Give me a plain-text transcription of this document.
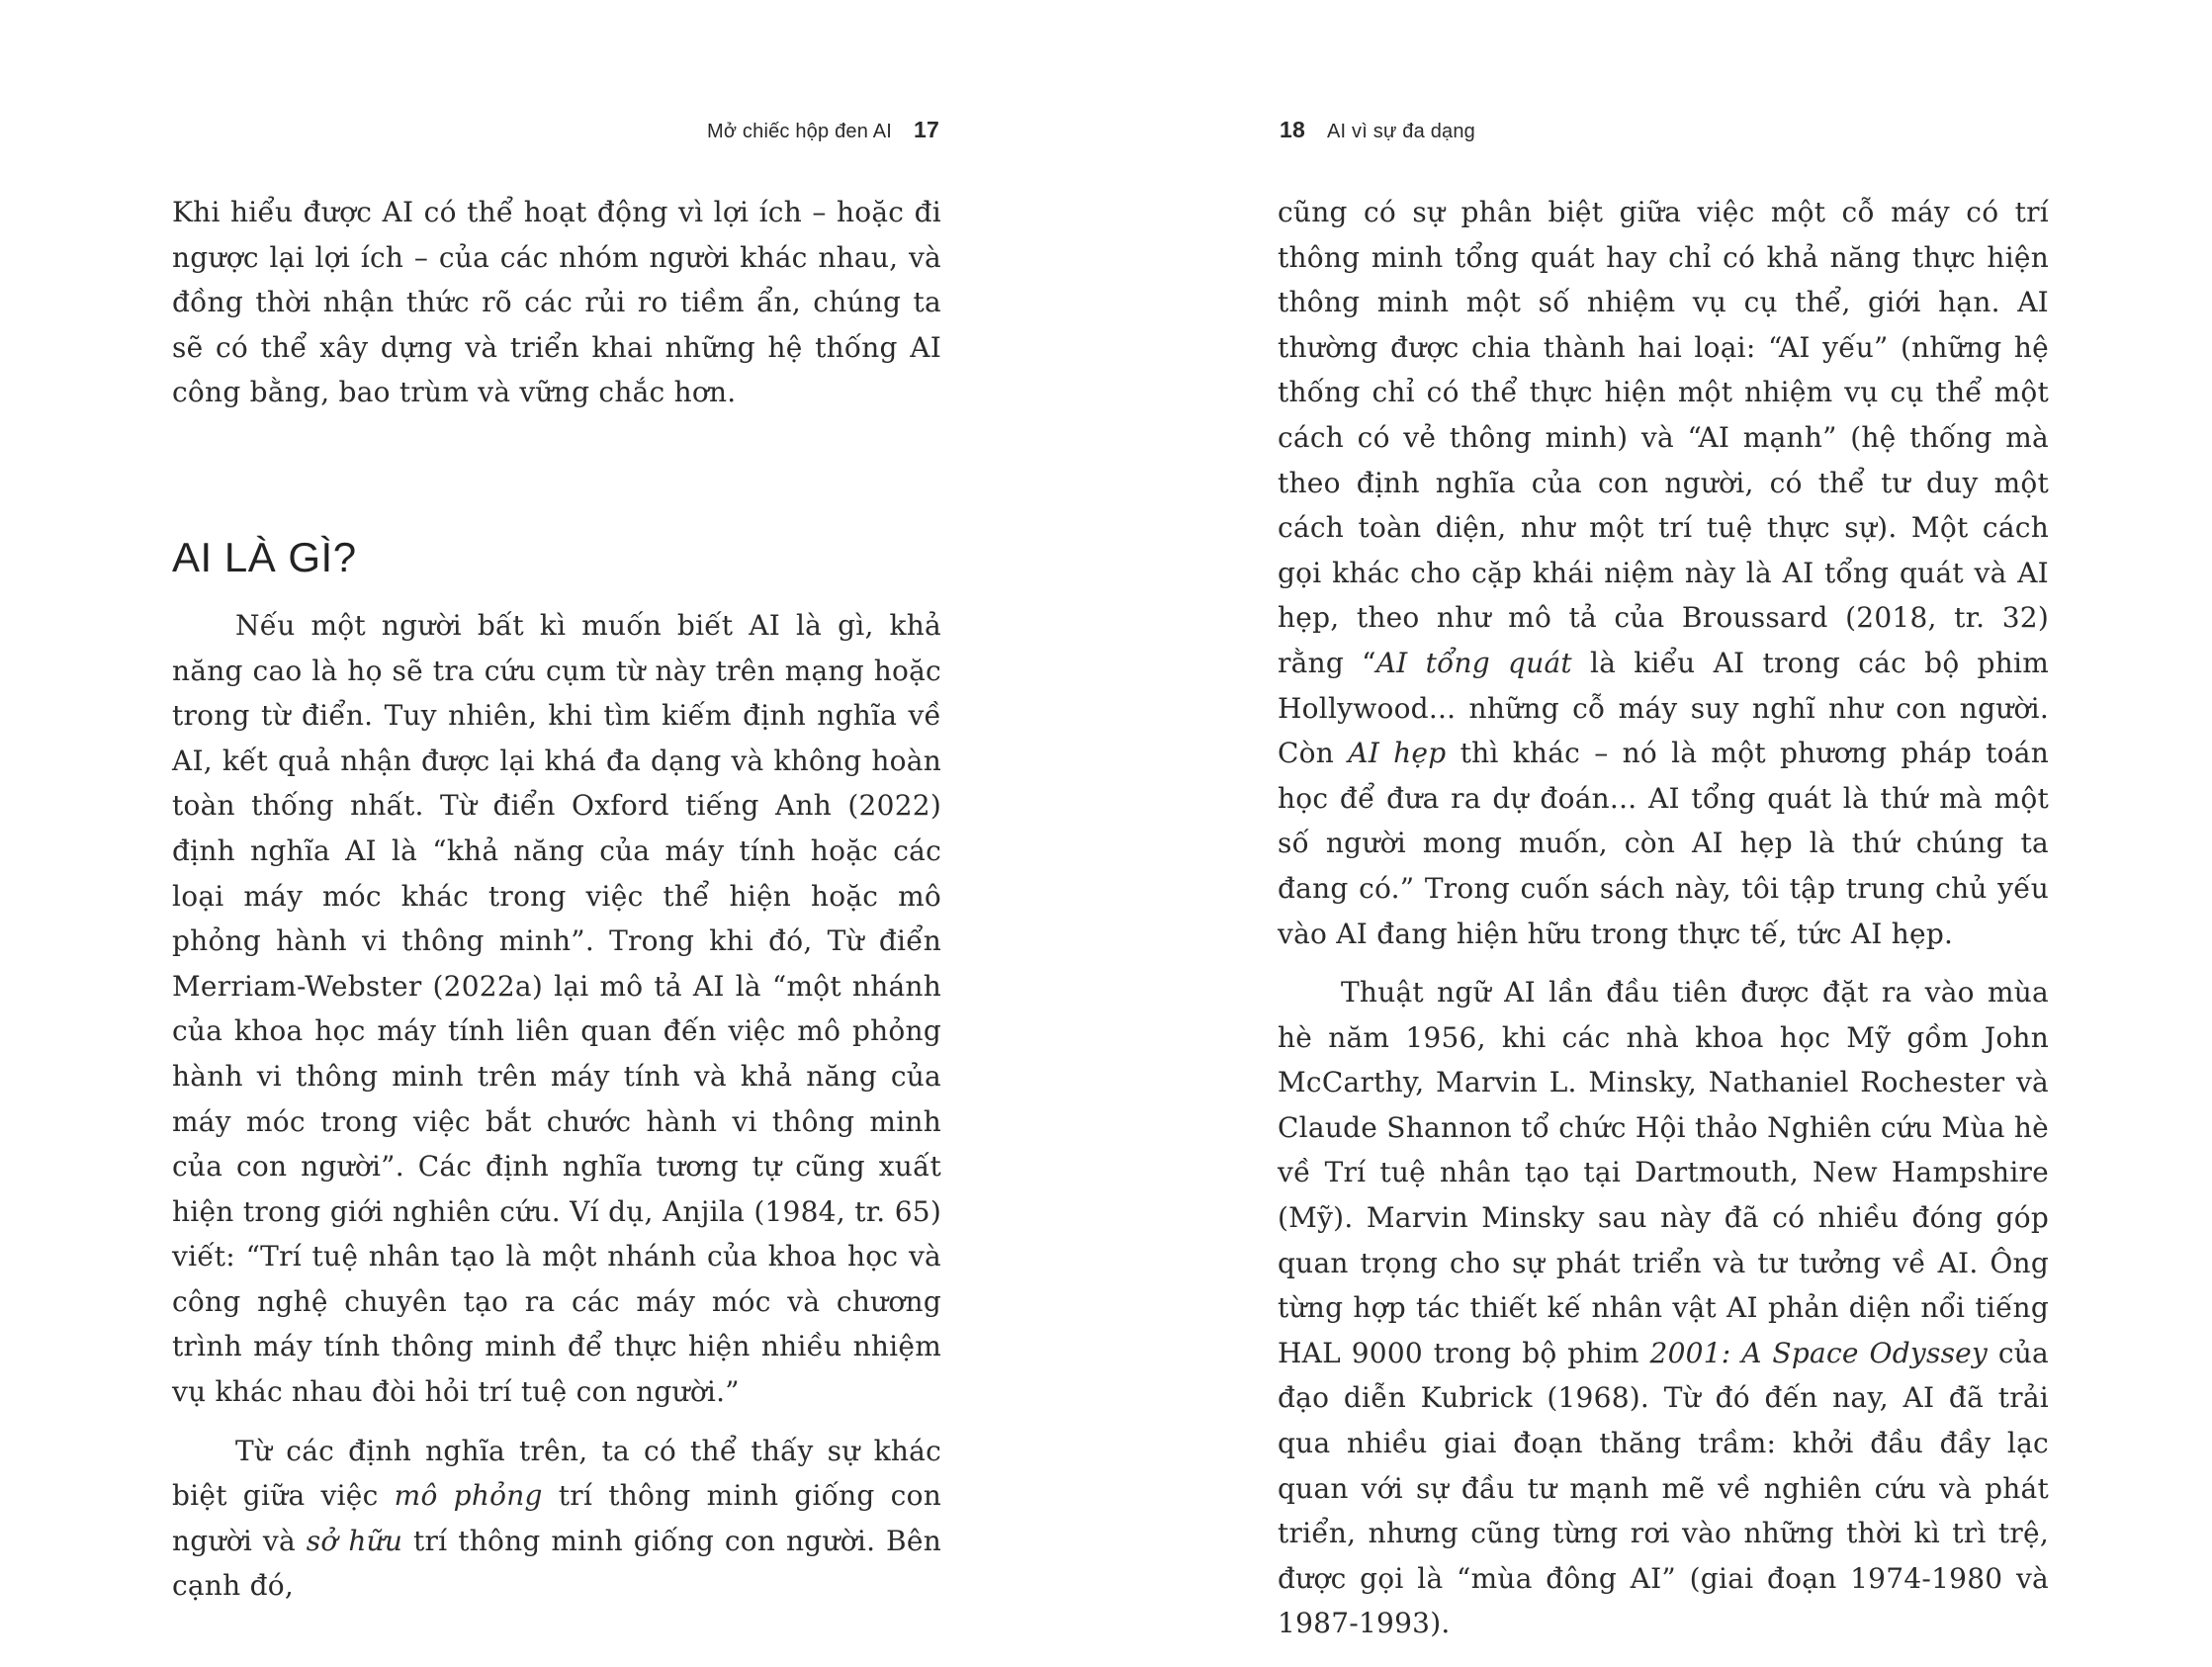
Mở chiếc hộp đen AI 17

Khi hiểu được AI có thể hoạt động vì lợi ích – hoặc đi ngược lại lợi ích – của các nhóm người khác nhau, và đồng thời nhận thức rõ các rủi ro tiềm ẩn, chúng ta sẽ có thể xây dựng và triển khai những hệ thống AI công bằng, bao trùm và vững chắc hơn.

AI LÀ GÌ?

Nếu một người bất kì muốn biết AI là gì, khả năng cao là họ sẽ tra cứu cụm từ này trên mạng hoặc trong từ điển. Tuy nhiên, khi tìm kiếm định nghĩa về AI, kết quả nhận được lại khá đa dạng và không hoàn toàn thống nhất. Từ điển Oxford tiếng Anh (2022) định nghĩa AI là “khả năng của máy tính hoặc các loại máy móc khác trong việc thể hiện hoặc mô phỏng hành vi thông minh”. Trong khi đó, Từ điển Merriam-Webster (2022a) lại mô tả AI là “một nhánh của khoa học máy tính liên quan đến việc mô phỏng hành vi thông minh trên máy tính và khả năng của máy móc trong việc bắt chước hành vi thông minh của con người”. Các định nghĩa tương tự cũng xuất hiện trong giới nghiên cứu. Ví dụ, Anjila (1984, tr. 65) viết: “Trí tuệ nhân tạo là một nhánh của khoa học và công nghệ chuyên tạo ra các máy móc và chương trình máy tính thông minh để thực hiện nhiều nhiệm vụ khác nhau đòi hỏi trí tuệ con người.”

Từ các định nghĩa trên, ta có thể thấy sự khác biệt giữa việc mô phỏng trí thông minh giống con người và sở hữu trí thông minh giống con người. Bên cạnh đó,

18 AI vì sự đa dạng

cũng có sự phân biệt giữa việc một cỗ máy có trí thông minh tổng quát hay chỉ có khả năng thực hiện thông minh một số nhiệm vụ cụ thể, giới hạn. AI thường được chia thành hai loại: “AI yếu” (những hệ thống chỉ có thể thực hiện một nhiệm vụ cụ thể một cách có vẻ thông minh) và “AI mạnh” (hệ thống mà theo định nghĩa của con người, có thể tư duy một cách toàn diện, như một trí tuệ thực sự). Một cách gọi khác cho cặp khái niệm này là AI tổng quát và AI hẹp, theo như mô tả của Broussard (2018, tr. 32) rằng “AI tổng quát là kiểu AI trong các bộ phim Hollywood... những cỗ máy suy nghĩ như con người. Còn AI hẹp thì khác – nó là một phương pháp toán học để đưa ra dự đoán... AI tổng quát là thứ mà một số người mong muốn, còn AI hẹp là thứ chúng ta đang có.” Trong cuốn sách này, tôi tập trung chủ yếu vào AI đang hiện hữu trong thực tế, tức AI hẹp.

Thuật ngữ AI lần đầu tiên được đặt ra vào mùa hè năm 1956, khi các nhà khoa học Mỹ gồm John McCarthy, Marvin L. Minsky, Nathaniel Rochester và Claude Shannon tổ chức Hội thảo Nghiên cứu Mùa hè về Trí tuệ nhân tạo tại Dartmouth, New Hampshire (Mỹ). Marvin Minsky sau này đã có nhiều đóng góp quan trọng cho sự phát triển và tư tưởng về AI. Ông từng hợp tác thiết kế nhân vật AI phản diện nổi tiếng HAL 9000 trong bộ phim 2001: A Space Odyssey của đạo diễn Kubrick (1968). Từ đó đến nay, AI đã trải qua nhiều giai đoạn thăng trầm: khởi đầu đầy lạc quan với sự đầu tư mạnh mẽ về nghiên cứu và phát triển, nhưng cũng từng rơi vào những thời kì trì trệ, được gọi là “mùa đông AI” (giai đoạn 1974-1980 và 1987-1993).
